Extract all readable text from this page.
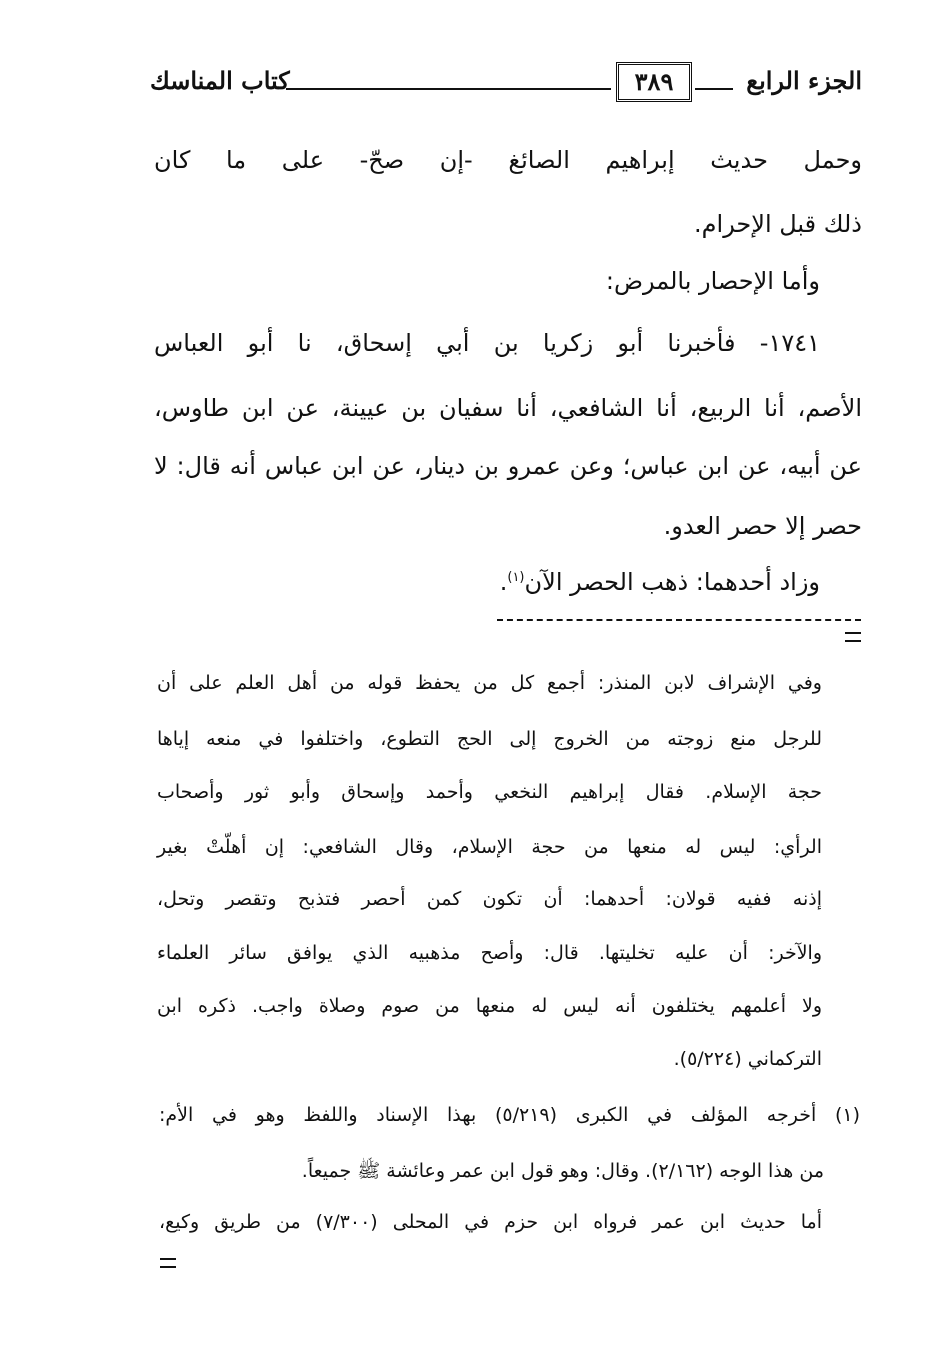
الجزء الرابع
٣٨٩
كتاب المناسك
وحمل حديث إبراهيم الصائغ -إن صحّ- على ما كان
ذلك قبل الإحرام.
وأما الإحصار بالمرض:
١٧٤١- فأخبرنا أبو زكريا بن أبي إسحاق، نا أبو العباس
الأصم، أنا الربيع، أنا الشافعي، أنا سفيان بن عيينة، عن ابن طاوس،
عن أبيه، عن ابن عباس؛ وعن عمرو بن دينار، عن ابن عباس أنه قال: لا
حصر إلا حصر العدو.
وزاد أحدهما: ذهب الحصر الآن$^{(١)}$.
وفي الإشراف لابن المنذر: أجمع كل من يحفظ قوله من أهل العلم على أن
للرجل منع زوجته من الخروج إلى الحج التطوع، واختلفوا في منعه إياها
حجة الإسلام. فقال إبراهيم النخعي وأحمد وإسحاق وأبو ثور وأصحاب
الرأي: ليس له منعها من حجة الإسلام، وقال الشافعي: إن أهلّتْ بغير
إذنه ففيه قولان: أحدهما: أن تكون كمن أحصر فتذبح وتقصر وتحل،
والآخر: أن عليه تخليتها. قال: وأصح مذهبيه الذي يوافق سائر العلماء
ولا أعلمهم يختلفون أنه ليس له منعها من صوم وصلاة واجب. ذكره ابن
التركماني (٥/٢٢٤).
(١) أخرجه المؤلف في الكبرى (٥/٢١٩) بهذا الإسناد واللفظ وهو في الأم:
من هذا الوجه (٢/١٦٢). وقال: وهو قول ابن عمر وعائشة ﷺ جميعاً.
أما حديث ابن عمر فرواه ابن حزم في المحلى (٧/٣٠٠) من طريق وكيع،
